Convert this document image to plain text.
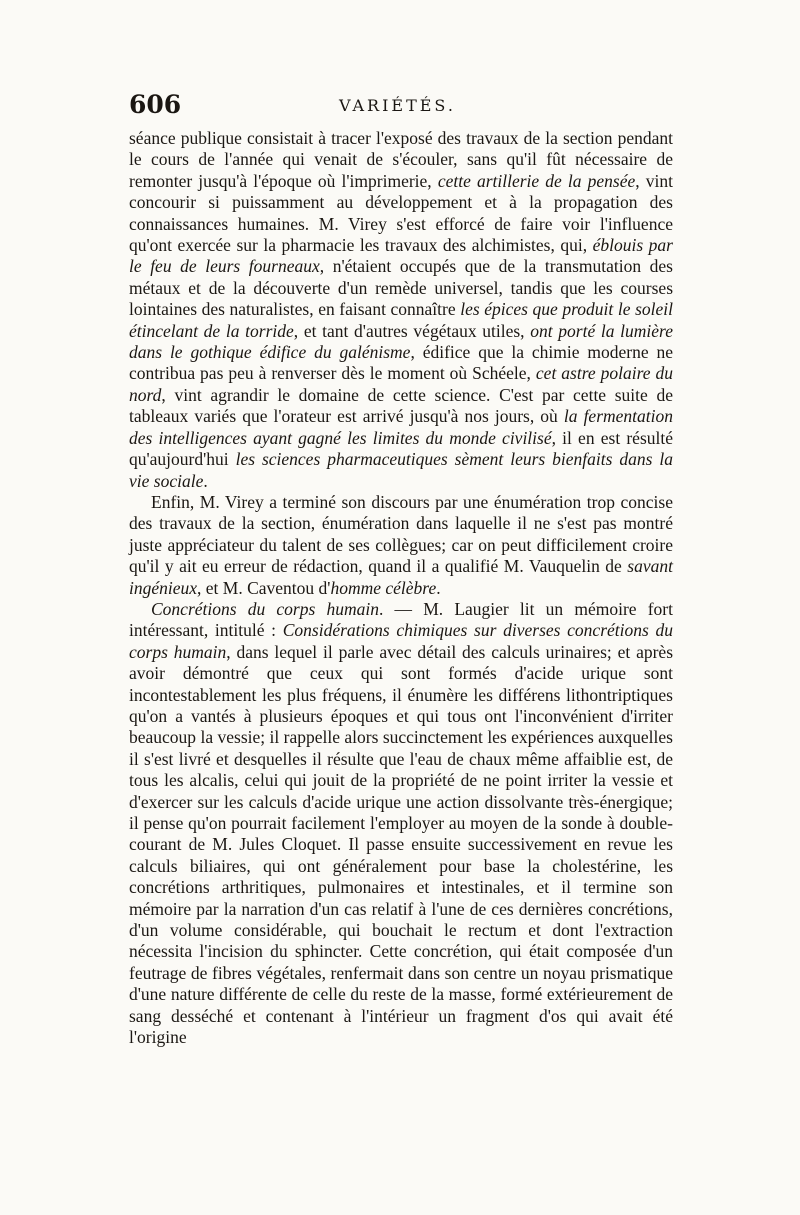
606	VARIÉTÉS.

séance publique consistait à tracer l'exposé des travaux de la section pendant le cours de l'année qui venait de s'écouler, sans qu'il fût nécessaire de remonter jusqu'à l'époque où l'imprimerie, cette artillerie de la pensée, vint concourir si puissamment au développement et à la propagation des connaissances humaines. M. Virey s'est efforcé de faire voir l'influence qu'ont exercée sur la pharmacie les travaux des alchimistes, qui, éblouis par le feu de leurs fourneaux, n'étaient occupés que de la transmutation des métaux et de la découverte d'un remède universel, tandis que les courses lointaines des naturalistes, en faisant connaître les épices que produit le soleil étincelant de la torride, et tant d'autres végétaux utiles, ont porté la lumière dans le gothique édifice du galénisme, édifice que la chimie moderne ne contribua pas peu à renverser dès le moment où Schéele, cet astre polaire du nord, vint agrandir le domaine de cette science. C'est par cette suite de tableaux variés que l'orateur est arrivé jusqu'à nos jours, où la fermentation des intelligences ayant gagné les limites du monde civilisé, il en est résulté qu'aujourd'hui les sciences pharmaceutiques sèment leurs bienfaits dans la vie sociale.

Enfin, M. Virey a terminé son discours par une énumération trop concise des travaux de la section, énumération dans laquelle il ne s'est pas montré juste appréciateur du talent de ses collègues; car on peut difficilement croire qu'il y ait eu erreur de rédaction, quand il a qualifié M. Vauquelin de savant ingénieux, et M. Caventou d'homme célèbre.

Concrétions du corps humain. — M. Laugier lit un mémoire fort intéressant, intitulé : Considérations chimiques sur diverses concrétions du corps humain, dans lequel il parle avec détail des calculs urinaires; et après avoir démontré que ceux qui sont formés d'acide urique sont incontestablement les plus fréquens, il énumère les différens lithontriptiques qu'on a vantés à plusieurs époques et qui tous ont l'inconvénient d'irriter beaucoup la vessie; il rappelle alors succinctement les expériences auxquelles il s'est livré et desquelles il résulte que l'eau de chaux même affaiblie est, de tous les alcalis, celui qui jouit de la propriété de ne point irriter la vessie et d'exercer sur les calculs d'acide urique une action dissolvante très-énergique; il pense qu'on pourrait facilement l'employer au moyen de la sonde à double-courant de M. Jules Cloquet. Il passe ensuite successivement en revue les calculs biliaires, qui ont généralement pour base la cholestérine, les concrétions arthritiques, pulmonaires et intestinales, et il termine son mémoire par la narration d'un cas relatif à l'une de ces dernières concrétions, d'un volume considérable, qui bouchait le rectum et dont l'extraction nécessita l'incision du sphincter. Cette concrétion, qui était composée d'un feutrage de fibres végétales, renfermait dans son centre un noyau prismatique d'une nature différente de celle du reste de la masse, formé extérieurement de sang desséché et contenant à l'intérieur un fragment d'os qui avait été l'origine
